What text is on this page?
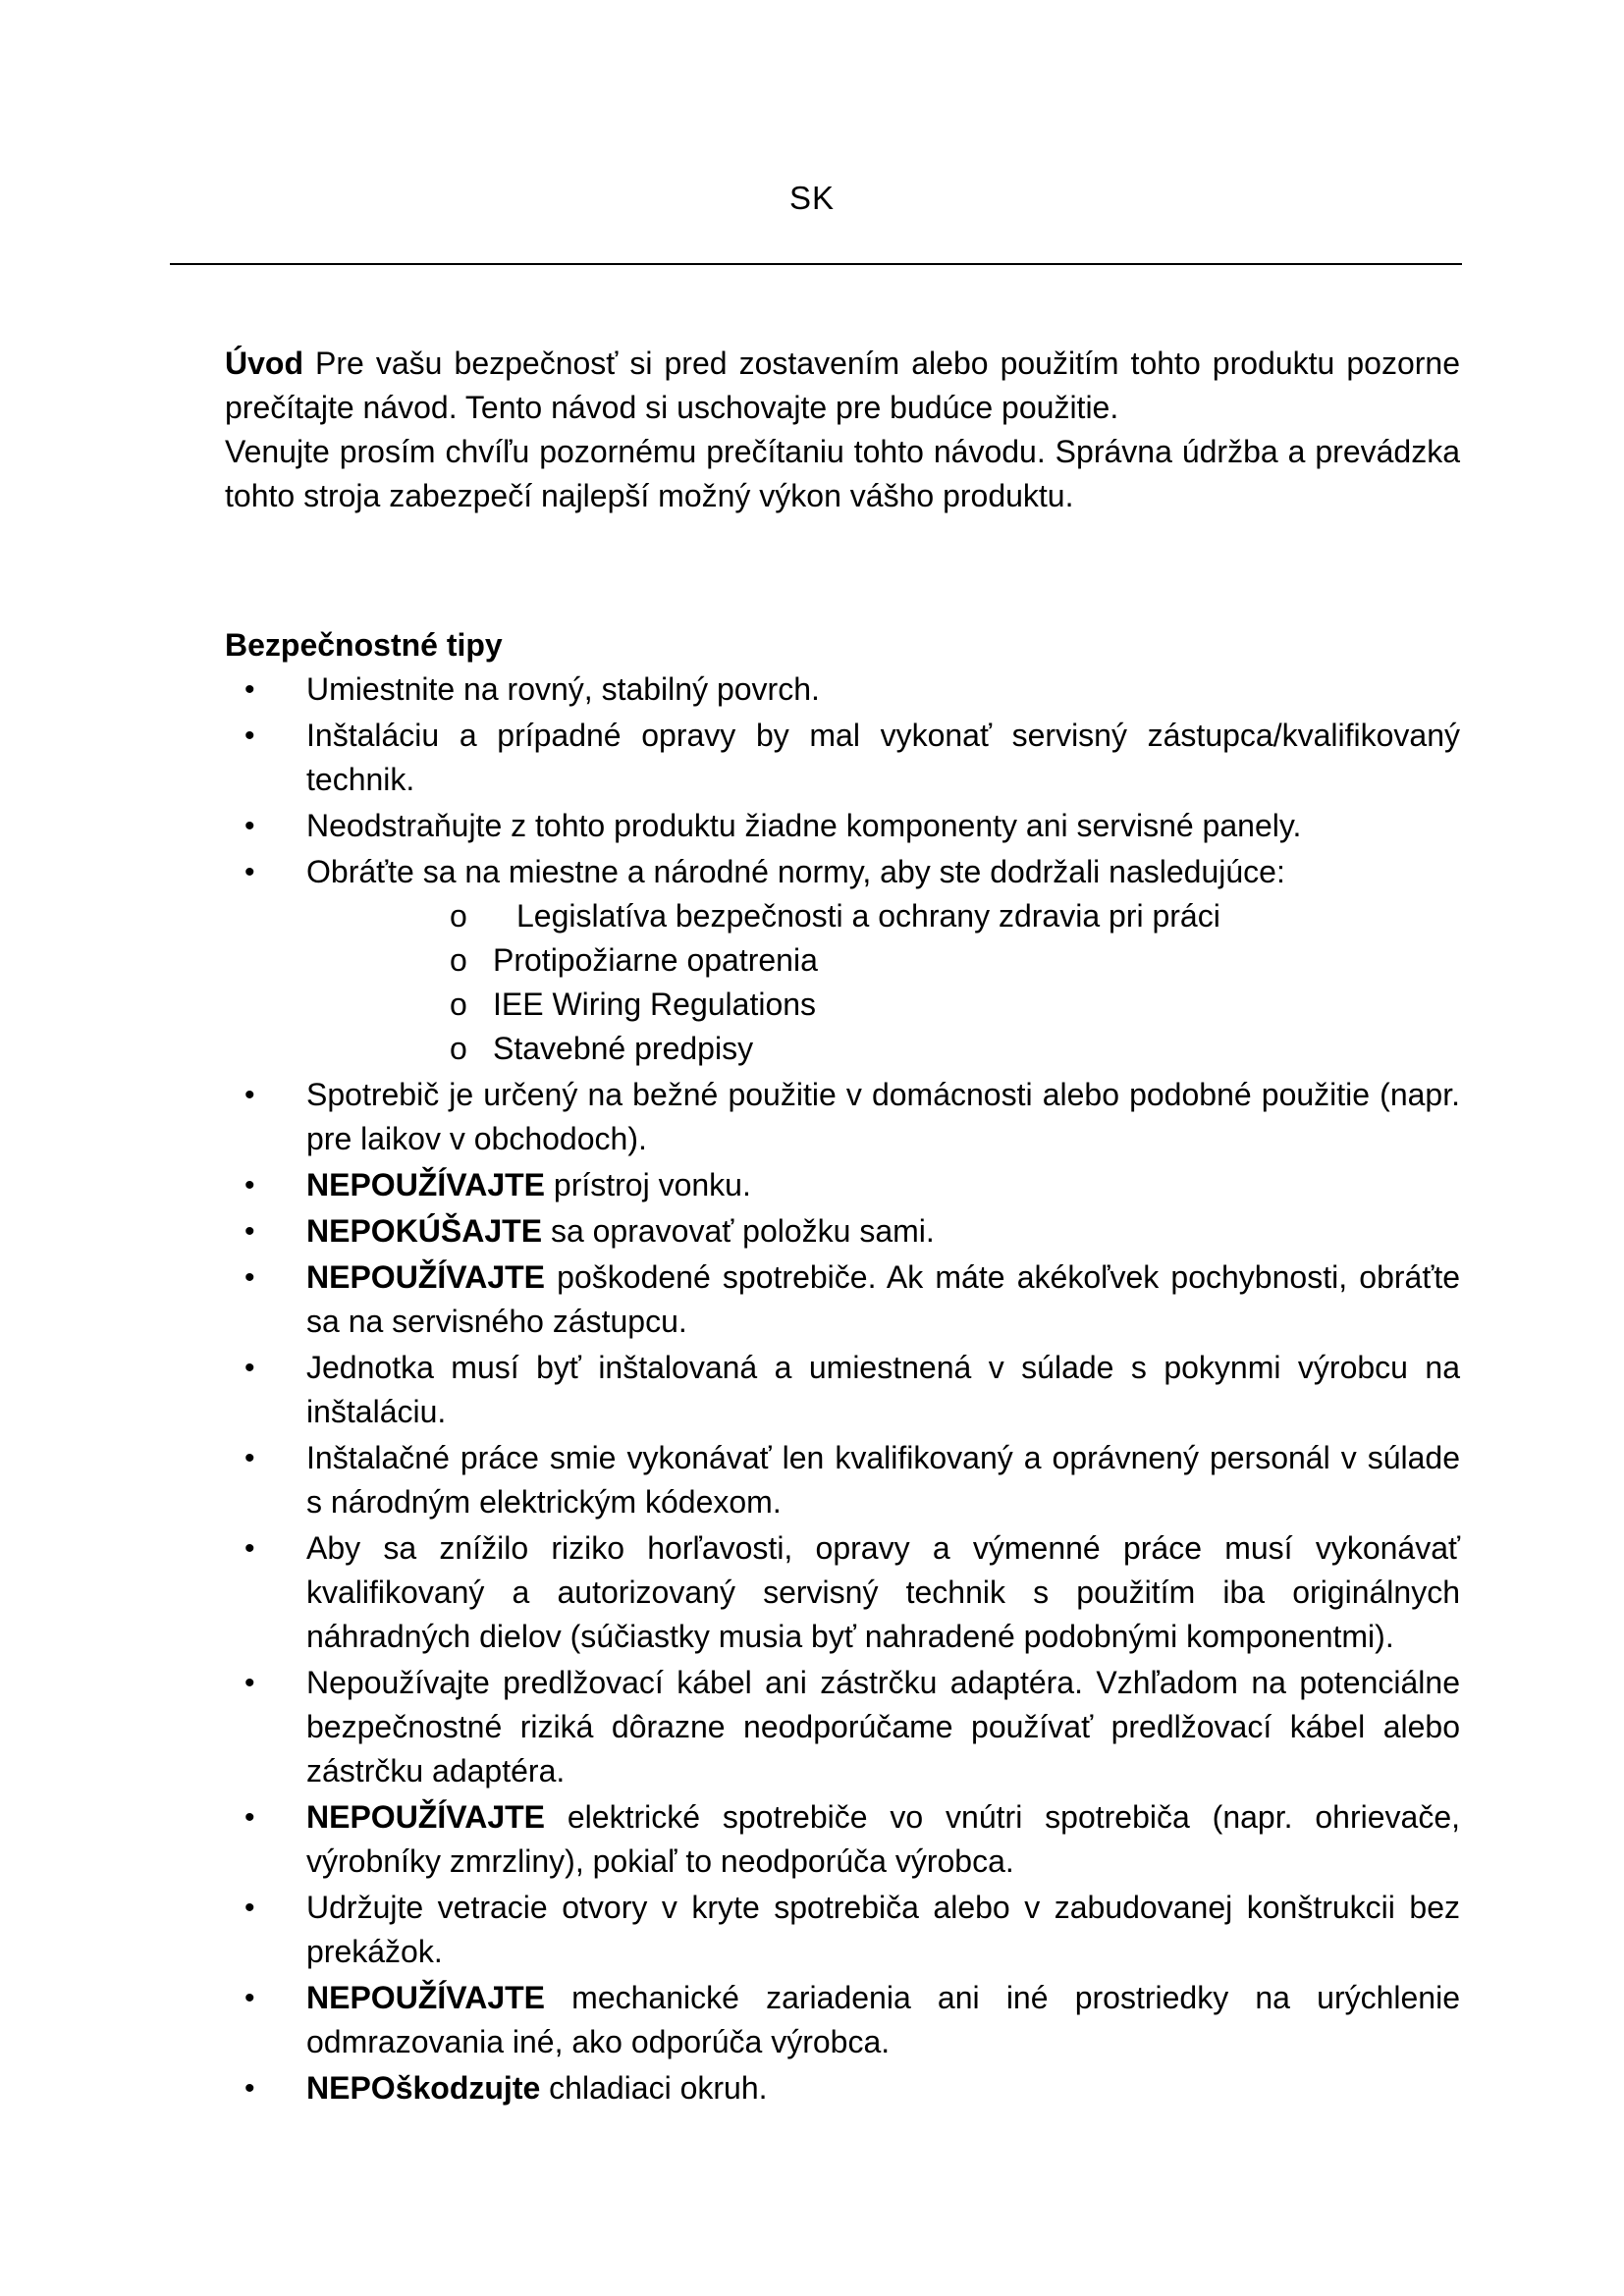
SK

Úvod Pre vašu bezpečnosť si pred zostavením alebo použitím tohto produktu pozorne prečítajte návod. Tento návod si uschovajte pre budúce použitie.

Venujte prosím chvíľu pozornému prečítaniu tohto návodu. Správna údržba a prevádzka tohto stroja zabezpečí najlepší možný výkon vášho produktu.

Bezpečnostné tipy
•	Umiestnite na rovný, stabilný povrch.
•	Inštaláciu a prípadné opravy by mal vykonať servisný zástupca/kvalifikovaný technik.
•	Neodstraňujte z tohto produktu žiadne komponenty ani servisné panely.
•	Obráťte sa na miestne a národné normy, aby ste dodržali nasledujúce:
o Legislatíva bezpečnosti a ochrany zdravia pri práci
o Protipožiarne opatrenia
o IEE Wiring Regulations
o Stavebné predpisy
•	Spotrebič je určený na bežné použitie v domácnosti alebo podobné použitie (napr. pre laikov v obchodoch).
•	NEPOUŽÍVAJTE prístroj vonku.
•	NEPOKÚŠAJTE sa opravovať položku sami.
•	NEPOUŽÍVAJTE poškodené spotrebiče. Ak máte akékoľvek pochybnosti, obráťte sa na servisného zástupcu.
•	Jednotka musí byť inštalovaná a umiestnená v súlade s pokynmi výrobcu na inštaláciu.
•	Inštalačné práce smie vykonávať len kvalifikovaný a oprávnený personál v súlade s národným elektrickým kódexom.
•	Aby sa znížilo riziko horľavosti, opravy a výmenné práce musí vykonávať kvalifikovaný a autorizovaný servisný technik s použitím iba originálnych náhradných dielov (súčiastky musia byť nahradené podobnými komponentmi).
•	Nepoužívajte predlžovací kábel ani zástrčku adaptéra. Vzhľadom na potenciálne bezpečnostné riziká dôrazne neodporúčame používať predlžovací kábel alebo zástrčku adaptéra.
•	NEPOUŽÍVAJTE elektrické spotrebiče vo vnútri spotrebiča (napr. ohrievače, výrobníky zmrzliny), pokiaľ to neodporúča výrobca.
•	Udržujte vetracie otvory v kryte spotrebiča alebo v zabudovanej konštrukcii bez prekážok.
•	NEPOUŽÍVAJTE mechanické zariadenia ani iné prostriedky na urýchlenie odmrazovania iné, ako odporúča výrobca.
•	NEPOškodzujte chladiaci okruh.
